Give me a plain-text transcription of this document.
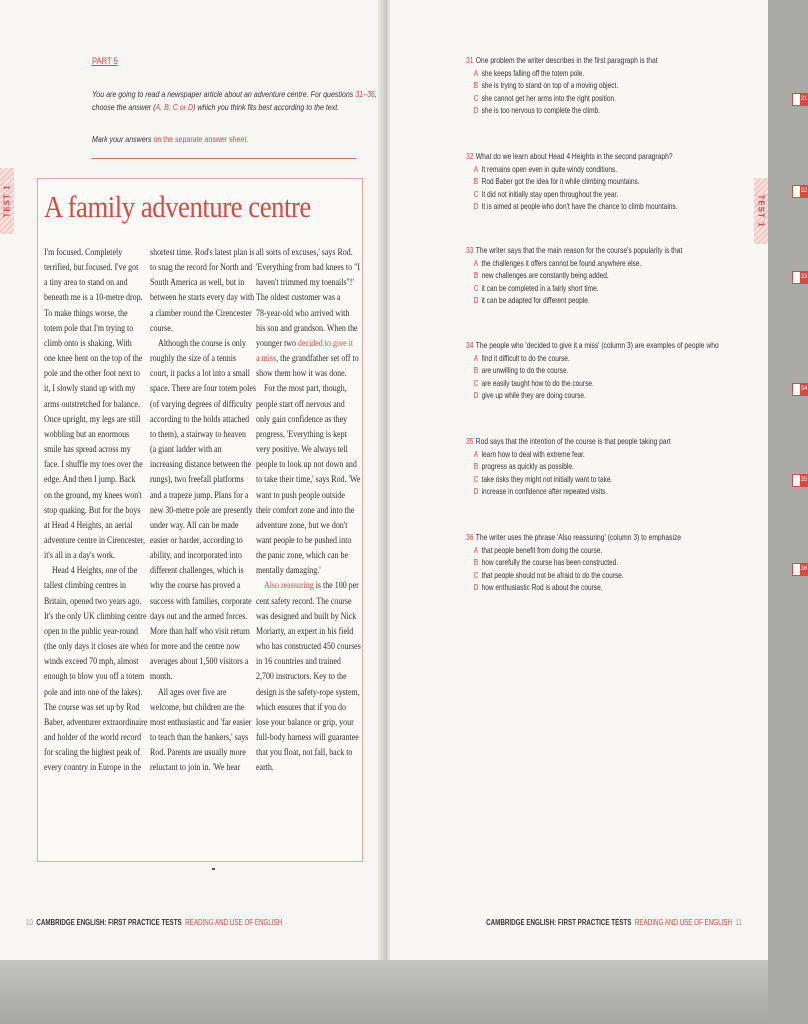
PART 5
You are going to read a newspaper article about an adventure centre. For questions 31–36,
choose the answer (A, B, C or D) which you think fits best according to the text.
Mark your answers on the separate answer sheet.
TEST 1 A family adventure centre

I'm focused. Completely

terrified, but focused. I've got

a tiny area to stand on and

beneath me is a 10-metre drop.

To make things worse, the

totem pole that I'm trying to

climb onto is shaking. With

one knee bent on the top of the

pole and the other foot next to

it, I slowly stand up with my

arms outstretched for balance.

Once upright, my legs are still

wobbling but an enormous

smile has spread across my

face. I shuffle my toes over the

edge. And then I jump. Back

on the ground, my knees won't

stop quaking. But for the boys

at Head 4 Heights, an aerial

adventure centre in Cirencester,

it's all in a day's work.

 Head 4 Heights, one of the

tallest climbing centres in

Britain, opened two years ago.

It's the only UK climbing centre

open to the public year-round

(the only days it closes are when

winds exceed 70 mph, almost

enough to blow you off a totem

pole and into one of the lakes).

The course was set up by Rod

Baber, adventurer extraordinaire

and holder of the world record

for scaling the highest peak of

every country in Europe in the

shortest time. Rod's latest plan is

to snag the record for North and

South America as well, but in

between he starts every day with

a clamber round the Cirencester

course.

 Although the course is only

roughly the size of a tennis

court, it packs a lot into a small

space. There are four totem poles

(of varying degrees of difficulty

according to the holds attached

to them), a stairway to heaven

(a giant ladder with an

increasing distance between the

rungs), two freefall platforms

and a trapeze jump. Plans for a

new 30-metre pole are presently

under way. All can be made

easier or harder, according to

ability, and incorporated into

different challenges, which is

why the course has proved a

success with families, corporate

days out and the armed forces.

More than half who visit return

for more and the centre now

averages about 1,500 visitors a

month.

 All ages over five are

welcome, but children are the

most enthusiastic and 'far easier

to teach than the bankers,' says

Rod. Parents are usually more

reluctant to join in. 'We hear

all sorts of excuses,' says Rod.

'Everything from bad knees to "I

haven't trimmed my toenails"!'

The oldest customer was a

78-year-old who arrived with

his son and grandson. When the

younger two decided to give it

a miss, the grandfather set off to

show them how it was done.

 For the most part, though,

people start off nervous and

only gain confidence as they

progress. 'Everything is kept

very positive. We always tell

people to look up not down and

to take their time,' says Rod. 'We

want to push people outside

their comfort zone and into the

adventure zone, but we don't

want people to be pushed into

the panic zone, which can be

mentally damaging.'

 Also reassuring is the 100 per

cent safety record. The course

was designed and built by Nick

Moriarty, an expert in his field

who has constructed 450 courses

in 16 countries and trained

2,700 instructors. Key to the

design is the safety-rope system,

which ensures that if you do

lose your balance or grip, your

full-body harness will guarantee

that you float, not fall, back to

earth.

10 CAMBRIDGE ENGLISH: FIRST PRACTICE TESTS READING AND USE OF ENGLISH
TEST 1
31 One problem the writer describes in the first paragraph is that
A she keeps falling off the totem pole.
B she is trying to stand on top of a moving object.
C she cannot get her arms into the right position.
D she is too nervous to complete the climb.
31
32 What do we learn about Head 4 Heights in the second paragraph?
A It remains open even in quite windy conditions.
B Rod Baber got the idea for it while climbing mountains.
C It did not initially stay open throughout the year.
D It is aimed at people who don't have the chance to climb mountains.
32
33 The writer says that the main reason for the course's popularity is that
A the challenges it offers cannot be found anywhere else.
B new challenges are constantly being added.
C it can be completed in a fairly short time.
D it can be adapted for different people.
33
34 The people who 'decided to give it a miss' (column 3) are examples of people who
A find it difficult to do the course.
B are unwilling to do the course.
C are easily taught how to do the course.
D give up while they are doing course.
34
35 Rod says that the intention of the course is that people taking part
A learn how to deal with extreme fear.
B progress as quickly as possible.
C take risks they might not initially want to take.
D increase in confidence after repeated visits.
35
36 The writer uses the phrase 'Also reassuring' (column 3) to emphasize
A that people benefit from doing the course.
B how carefully the course has been constructed.
C that people should not be afraid to do the course.
D how enthusiastic Rod is about the course.
36
CAMBRIDGE ENGLISH: FIRST PRACTICE TESTS READING AND USE OF ENGLISH 11
